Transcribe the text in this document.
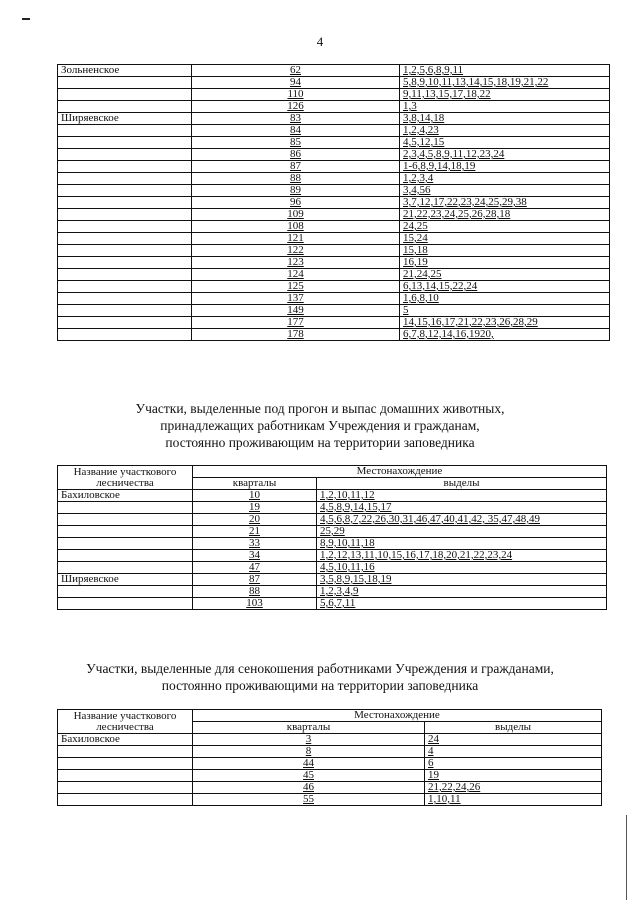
4
Зольненское	62	1,2,5,6,8,9,11
	94	5,8,9,10,11,13,14,15,18,19,21,22
	110	9,11,13,15,17,18,22
	126	1,3
Ширяевское	83	3,8,14,18
	84	1,2,4,23
	85	4,5,12,15
	86	2,3,4,5,8,9,11,12,23,24
	87	1-6,8,9,14,18,19
	88	1,2,3,4
	89	3,4,56
	96	3,7,12,17,22,23,24,25,29,38
	109	21,22,23,24,25,26,28,18
	108	24,25
	121	15,24
	122	15,18
	123	16,19
	124	21,24,25
	125	6,13,14,15,22,24
	137	1,6,8,10
	149	5
	177	14,15,16,17,21,22,23,26,28,29
	178	6,7,8,12,14,16,1920,
Участки, выделенные под прогон и выпас домашних животных,
принадлежащих работникам Учреждения и гражданам,
постоянно проживающим на территории заповедника
Название участкового лесничества	Местонахождение	
	кварталы	выделы
Бахиловское	10	1,2,10,11,12
	19	4,5,8,9,14,15,17
	20	4,5,6,8,7,22,26,30,31,46,47,40,41,42, 35,47,48,49
	21	25,29
	33	8,9,10,11,18
	34	1,2,12,13,11,10,15,16,17,18,20,21,22,23,24
	47	4,5,10,11,16
Ширяевское	87	3,5,8,9,15,18,19
	88	1,2,3,4,9
	103	5,6,7,11
Участки, выделенные для сенокошения работниками Учреждения и гражданами,
постоянно проживающими на территории заповедника
Название участкового лесничества	Местонахождение	
	кварталы	выделы
Бахиловское	3	24
	8	4
	44	6
	45	19
	46	21,22,24,26
	55	1,10,11
